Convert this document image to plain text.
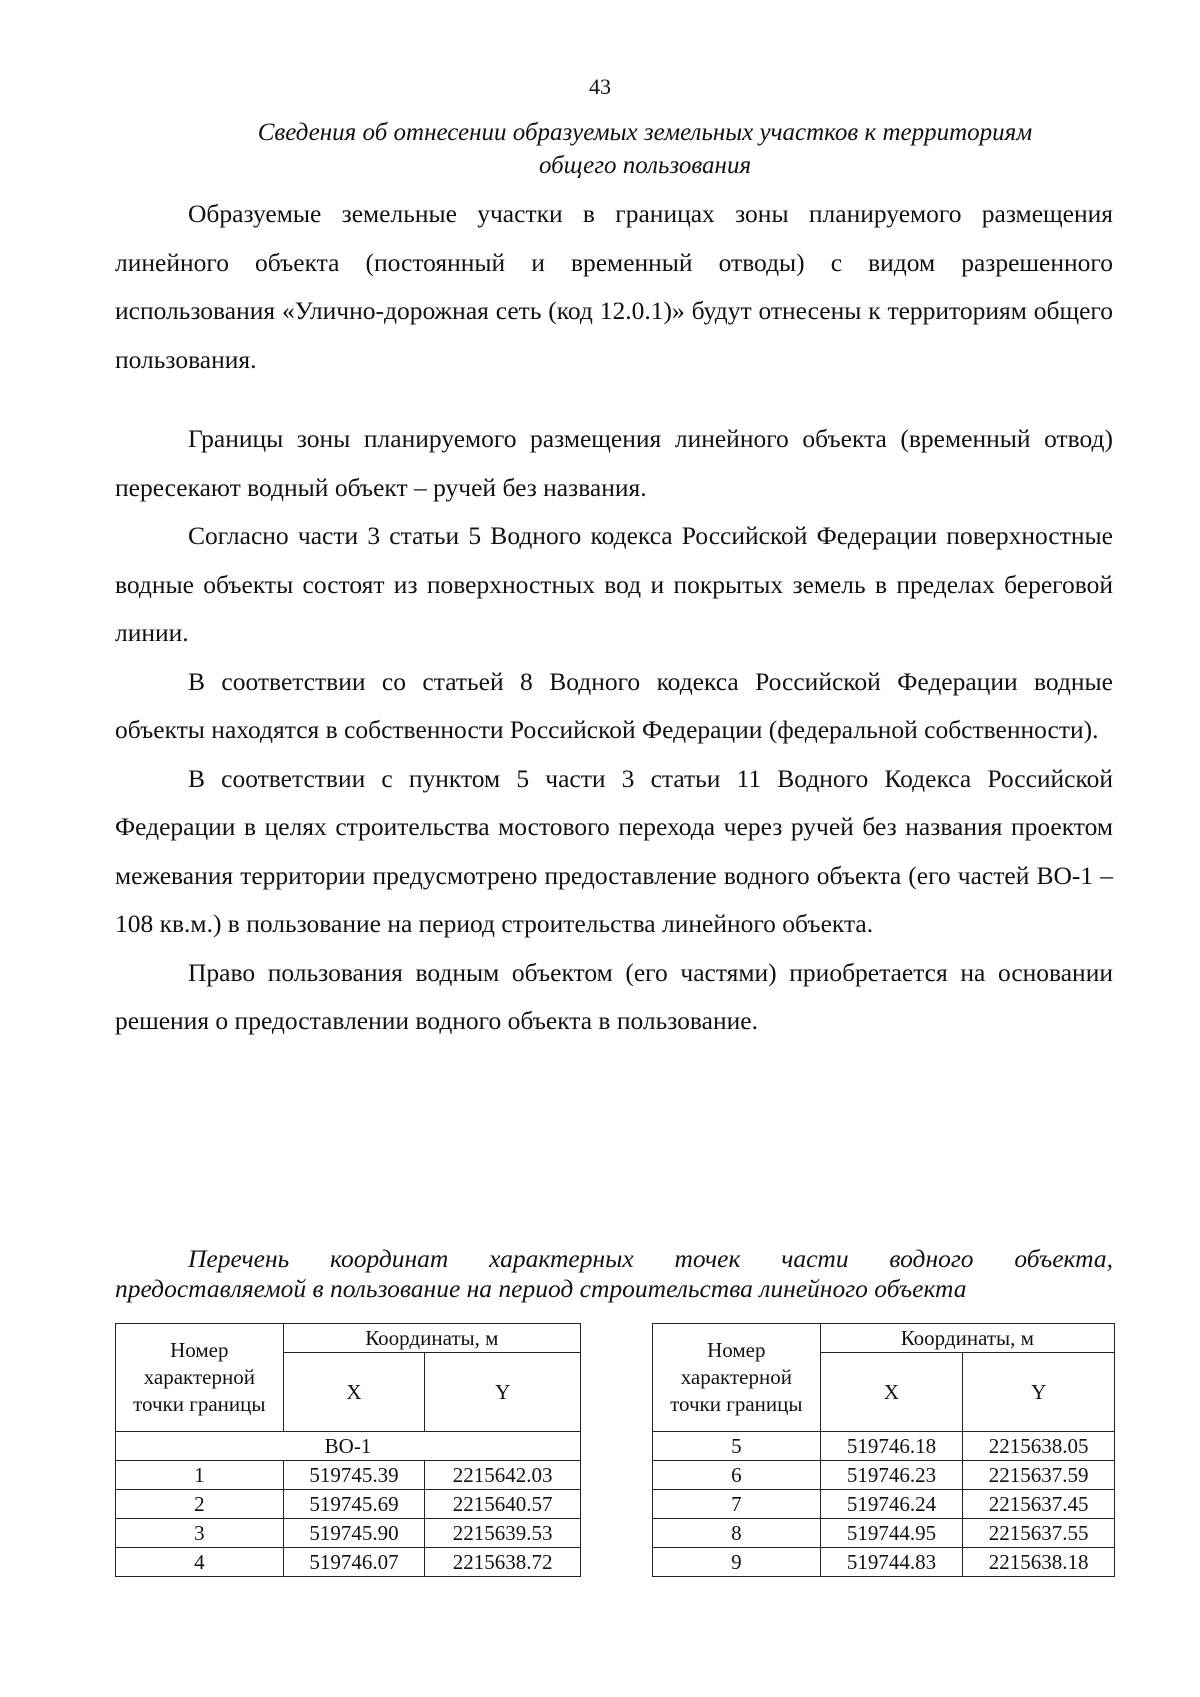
43
Сведения об отнесении образуемых земельных участков к территориям
общего пользования

Образуемые земельные участки в границах зоны планируемого размещения линейного объекта (постоянный и временный отводы) с видом разрешенного использования «Улично-дорожная сеть (код 12.0.1)» будут отнесены к территориям общего пользования.

Границы зоны планируемого размещения линейного объекта (временный отвод) пересекают водный объект – ручей без названия.

Согласно части 3 статьи 5 Водного кодекса Российской Федерации поверхностные водные объекты состоят из поверхностных вод и покрытых земель в пределах береговой линии.

В соответствии со статьей 8 Водного кодекса Российской Федерации водные объекты находятся в собственности Российской Федерации (федеральной собственности).

В соответствии с пунктом 5 части 3 статьи 11 Водного Кодекса Российской Федерации в целях строительства мостового перехода через ручей без названия проектом межевания территории предусмотрено предоставление водного объекта (его частей ВО-1 – 108 кв.м.) в пользование на период строительства линейного объекта.

Право пользования водным объектом (его частями) приобретается на основании решения о предоставлении водного объекта в пользование.

Перечень координат характерных точек части водного объекта,
предоставляемой в пользование на период строительства линейного объекта
Номер характерной точки границы	Координаты, м	
	X	Y
ВО-1		
1	519745.39	2215642.03
2	519745.69	2215640.57
3	519745.90	2215639.53
4	519746.07	2215638.72
Номер характерной точки границы	Координаты, м	
	X	Y
5	519746.18	2215638.05
6	519746.23	2215637.59
7	519746.24	2215637.45
8	519744.95	2215637.55
9	519744.83	2215638.18
